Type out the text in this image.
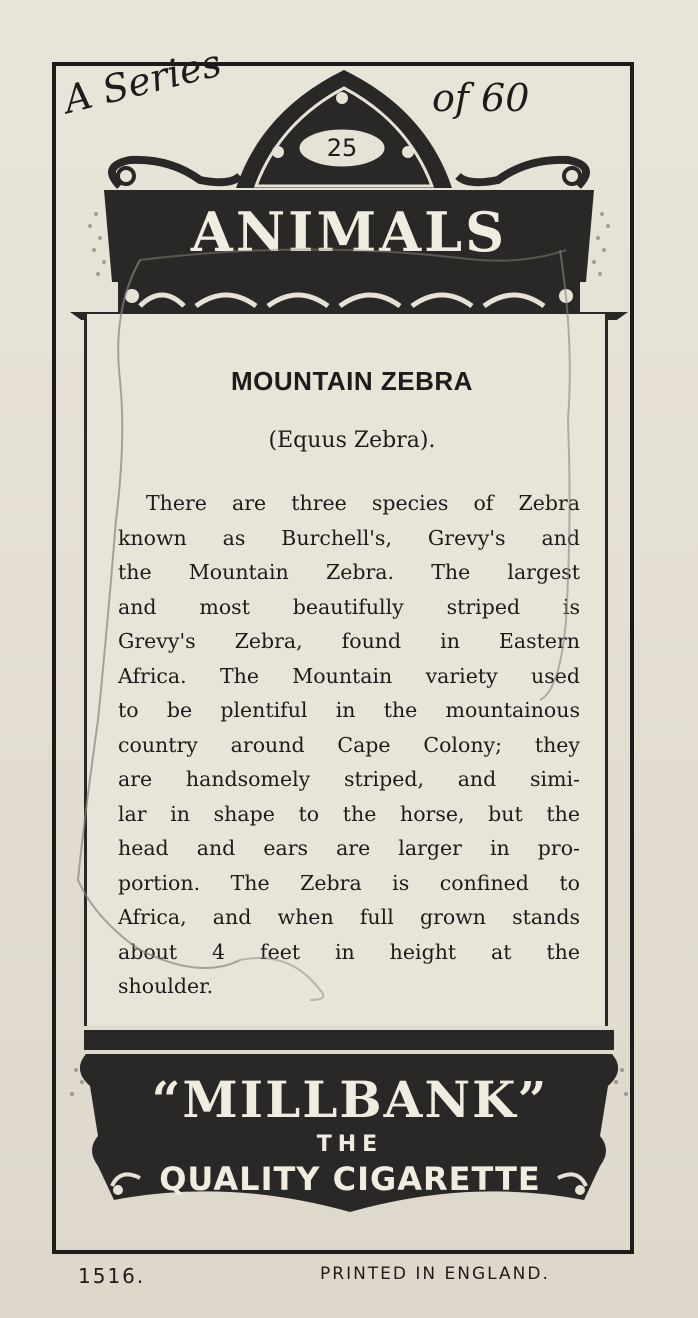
A Series	of 60
25
ANIMALS
MOUNTAIN ZEBRA
(Equus Zebra).
There are three species of Zebra
known as Burchell's, Grevy's and
the Mountain Zebra. The largest
and most beautifully striped is
Grevy's Zebra, found in Eastern
Africa. The Mountain variety used
to be plentiful in the mountainous
country around Cape Colony; they
are handsomely striped, and simi-
lar in shape to the horse, but the
head and ears are larger in pro-
portion. The Zebra is confined to
Africa, and when full grown stands
about 4 feet in height at the
shoulder.
“MILLBANK”
THE
QUALITY CIGARETTE
1516.	PRINTED IN ENGLAND.
